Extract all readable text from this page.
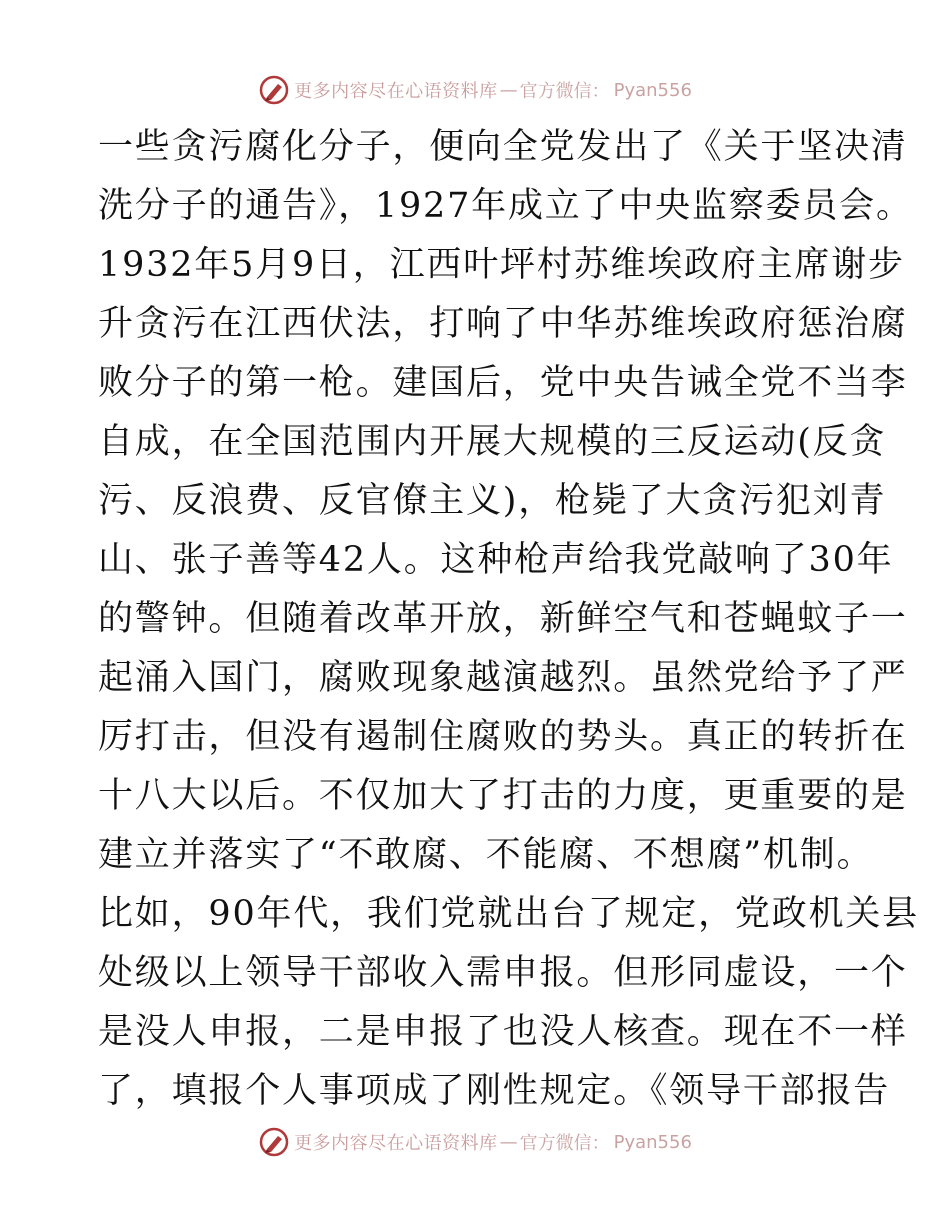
更多内容尽在心语资料库 — 官方微信： Pyan556
一些贪污腐化分子，便向全党发出了《关于坚决清
洗分子的通告》，1927年成立了中央监察委员会。
1932年5月9日，江西叶坪村苏维埃政府主席谢步
升贪污在江西伏法，打响了中华苏维埃政府惩治腐
败分子的第一枪。建国后，党中央告诫全党不当李
自成，在全国范围内开展大规模的三反运动(反贪
污、反浪费、反官僚主义)，枪毙了大贪污犯刘青
山、张子善等42人。这种枪声给我党敲响了30年
的警钟。但随着改革开放，新鲜空气和苍蝇蚊子一
起涌入国门，腐败现象越演越烈。虽然党给予了严
厉打击，但没有遏制住腐败的势头。真正的转折在
十八大以后。不仅加大了打击的力度，更重要的是
建立并落实了“不敢腐、不能腐、不想腐”机制。
比如，90年代，我们党就出台了规定，党政机关县
处级以上领导干部收入需申报。但形同虚设，一个
是没人申报，二是申报了也没人核查。现在不一样
了，填报个人事项成了刚性规定。《领导干部报告
更多内容尽在心语资料库 — 官方微信： Pyan556
